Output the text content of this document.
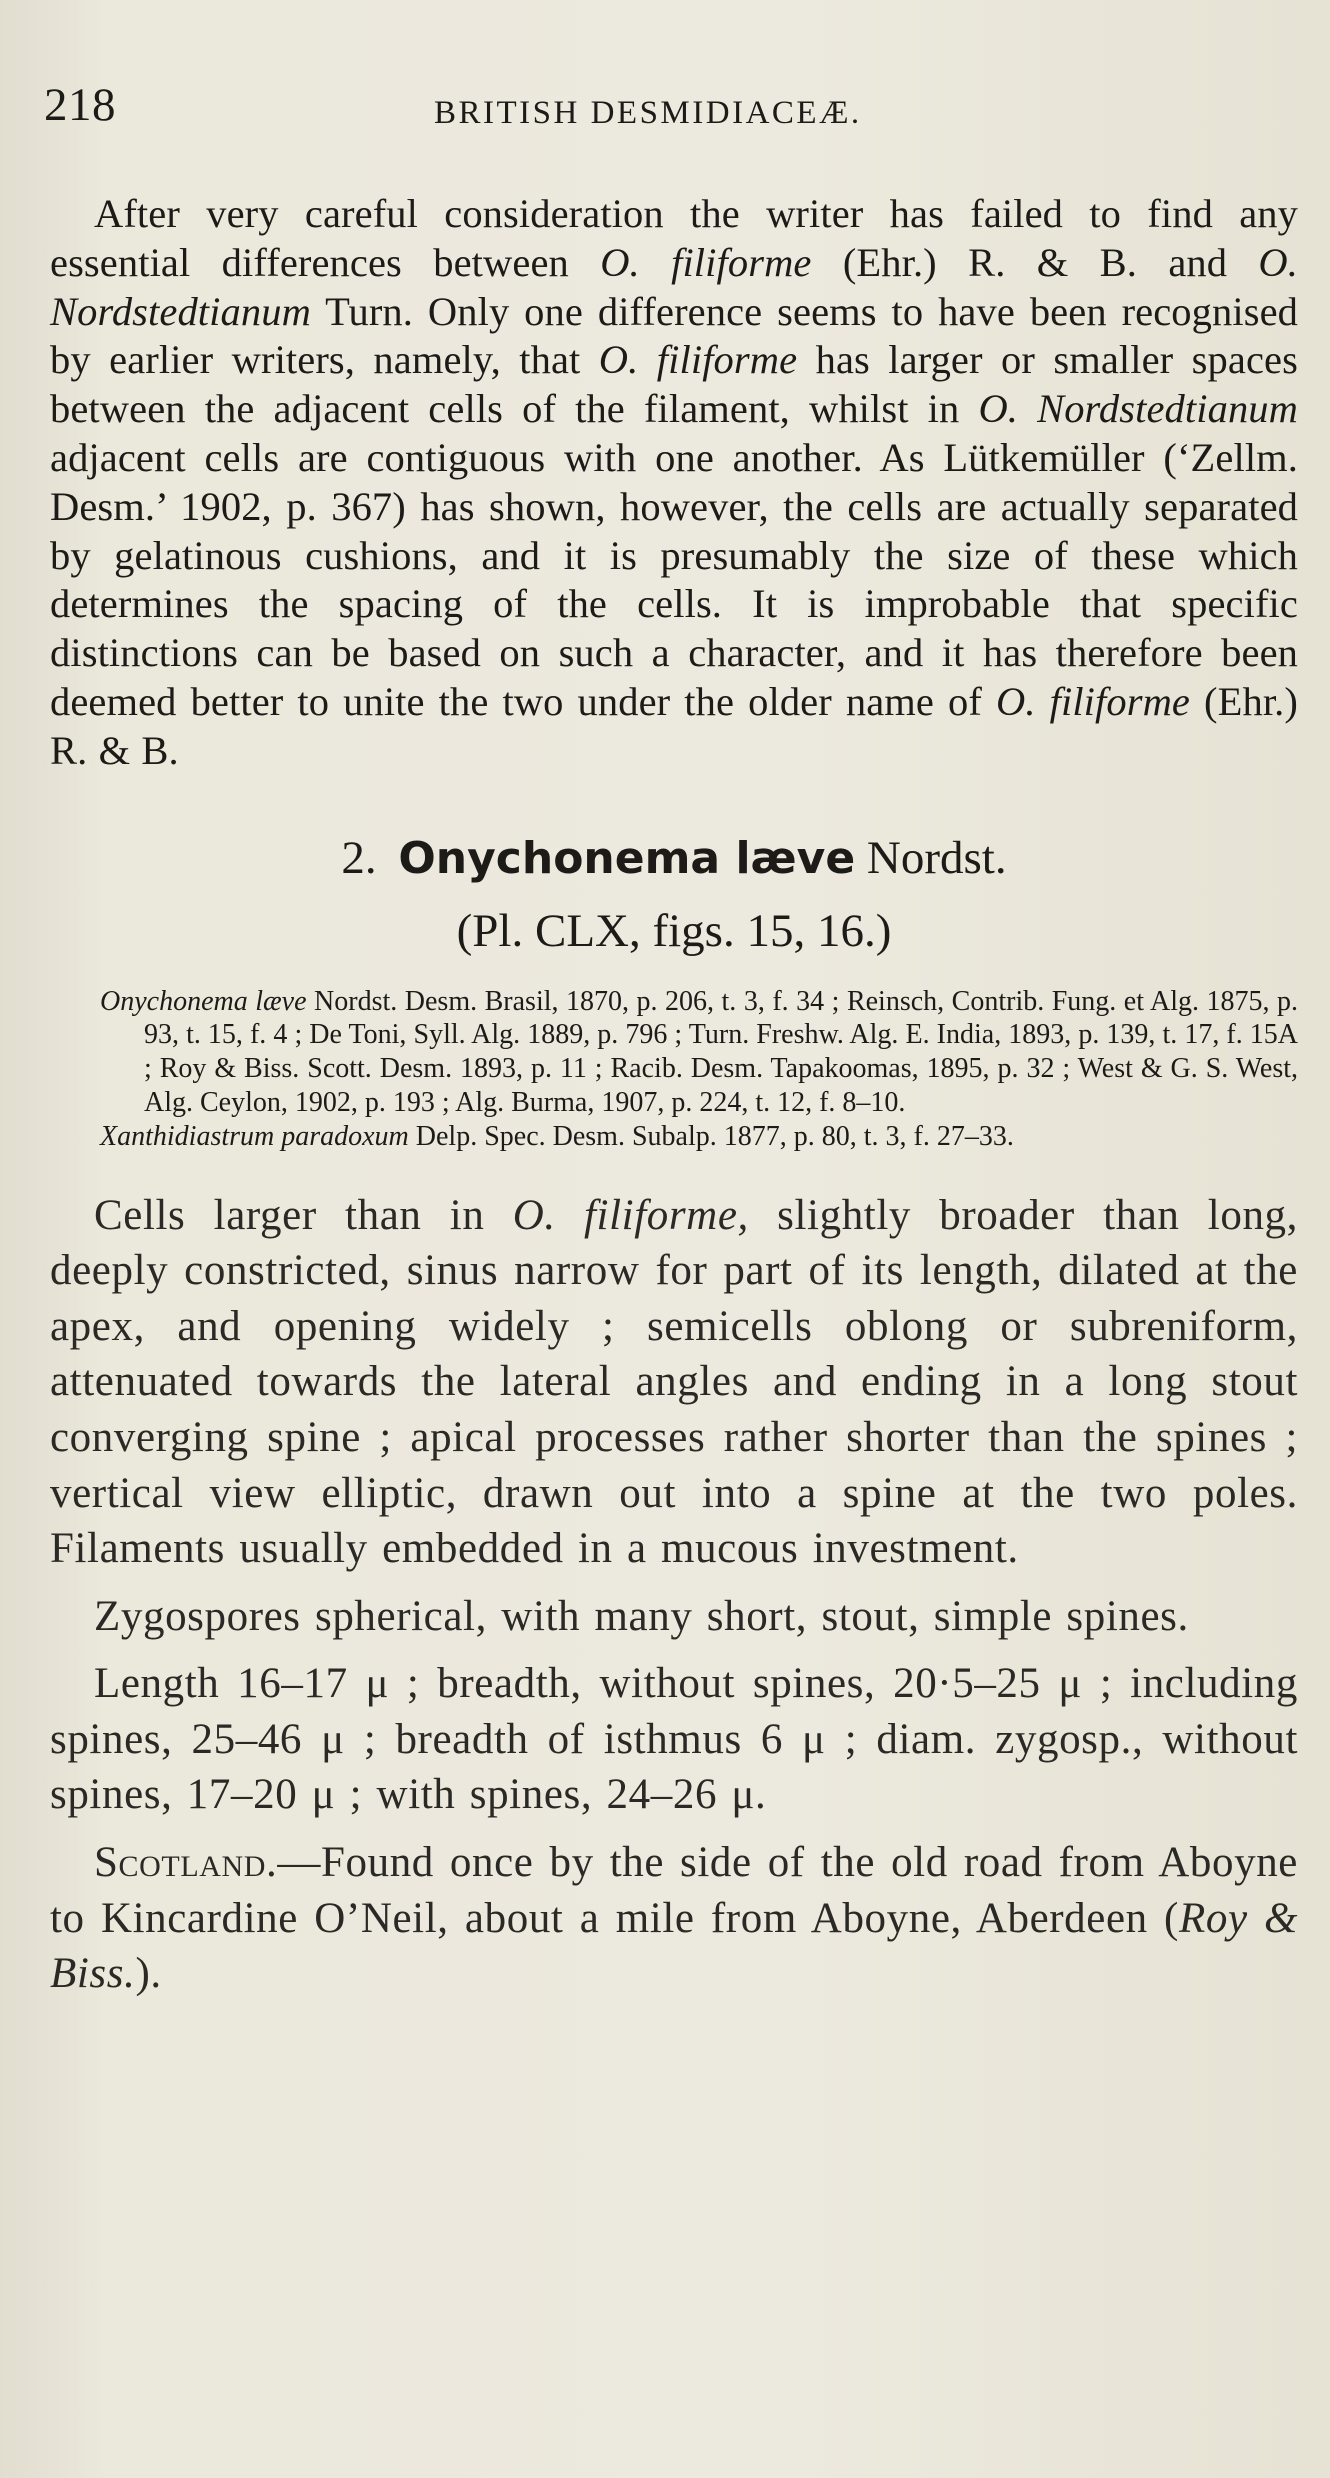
218	BRITISH DESMIDIACEÆ.

After very careful consideration the writer has failed to find any essential differences between O. filiforme (Ehr.) R. & B. and O. Nordstedtianum Turn. Only one difference seems to have been recognised by earlier writers, namely, that O. filiforme has larger or smaller spaces between the adjacent cells of the filament, whilst in O. Nordstedtianum adjacent cells are contiguous with one another. As Lütkemüller (‘Zellm. Desm.’ 1902, p. 367) has shown, however, the cells are actually separated by gelatinous cushions, and it is presumably the size of these which determines the spacing of the cells. It is improbable that specific distinctions can be based on such a character, and it has therefore been deemed better to unite the two under the older name of O. filiforme (Ehr.) R. & B.

2. Onychonema læve Nordst.

(Pl. CLX, figs. 15, 16.)

Onychonema læve Nordst. Desm. Brasil, 1870, p. 206, t. 3, f. 34 ; Reinsch, Contrib. Fung. et Alg. 1875, p. 93, t. 15, f. 4 ; De Toni, Syll. Alg. 1889, p. 796 ; Turn. Freshw. Alg. E. India, 1893, p. 139, t. 17, f. 15A ; Roy & Biss. Scott. Desm. 1893, p. 11 ; Racib. Desm. Tapakoomas, 1895, p. 32 ; West & G. S. West, Alg. Ceylon, 1902, p. 193 ; Alg. Burma, 1907, p. 224, t. 12, f. 8–10.

Xanthidiastrum paradoxum Delp. Spec. Desm. Subalp. 1877, p. 80, t. 3, f. 27–33.

Cells larger than in O. filiforme, slightly broader than long, deeply constricted, sinus narrow for part of its length, dilated at the apex, and opening widely ; semicells oblong or subreniform, attenuated towards the lateral angles and ending in a long stout converging spine ; apical processes rather shorter than the spines ; vertical view elliptic, drawn out into a spine at the two poles. Filaments usually embedded in a mucous investment.

Zygospores spherical, with many short, stout, simple spines.

Length 16–17 μ ; breadth, without spines, 20·5–25 μ ; including spines, 25–46 μ ; breadth of isthmus 6 μ ; diam. zygosp., without spines, 17–20 μ ; with spines, 24–26 μ.

Scotland.—Found once by the side of the old road from Aboyne to Kincardine O’Neil, about a mile from Aboyne, Aberdeen (Roy & Biss.).
